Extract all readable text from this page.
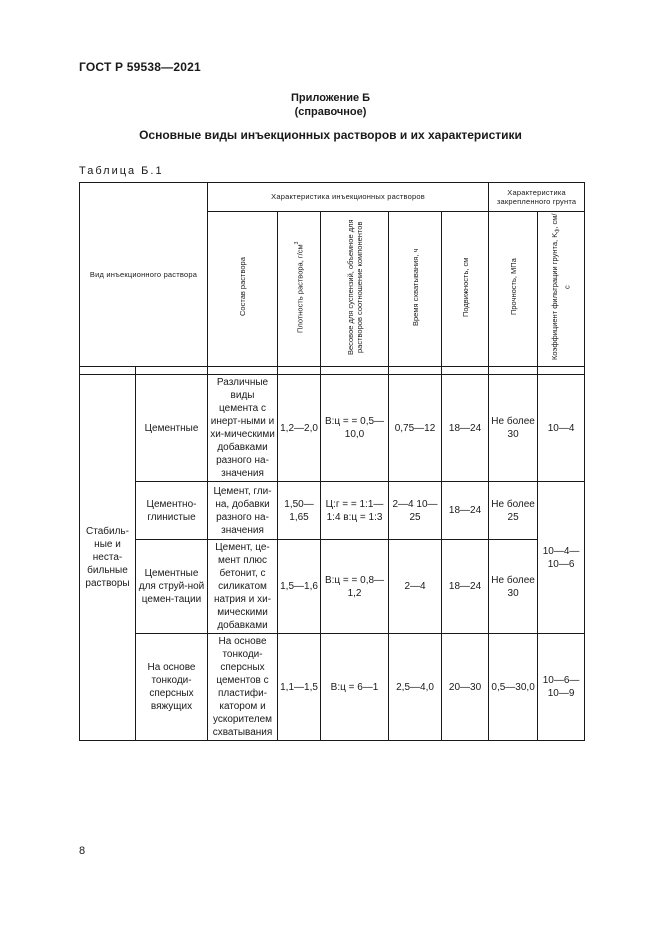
ГОСТ Р 59538—2021
Приложение Б
(справочное)
Основные виды инъекционных растворов и их характеристики
Таблица Б.1
Вид инъекционного раствора		Характеристика инъекционных растворов					Характеристика закрепленного грунта	
		Состав раствора	Плотность раствора, $г/см^3$	Весовое для суспензий, объемное для растворов соотношение компонентов	Время схватывания, ч	Подвижность, см	Прочность, МПа	Коэффициент фильтрации грунта, $K_ф$, см/с

Стабиль-ные и неста-бильные растворы	Цементные	Различные виды цемента с инерт-ными и хи-мическими добавками разного на-значения	1,2—2,0	В:ц = = 0,5—10,0	0,75—12	18—24	Не более 30	10—4
	Цементно-глинистые	Цемент, гли-на, добавки разного на-значения	1,50—1,65	Ц:г = = 1:1—1:4 в:ц = 1:3	2—4 10—25	18—24	Не более 25	10—4—10—6
	Цементные для струй-ной цемен-тации	Цемент, це-мент плюс бетонит, с силикатом натрия и хи-мическими добавками	1,5—1,6	В:ц = = 0,8—1,2	2—4	18—24	Не более 30	
	На основе тонкоди-сперсных вяжущих	На основе тонкоди-сперсных цементов с пластифи-катором и ускорителем схватывания	1,1—1,5	В:ц = 6—1	2,5—4,0	20—30	0,5—30,0	10—6—10—9
8
